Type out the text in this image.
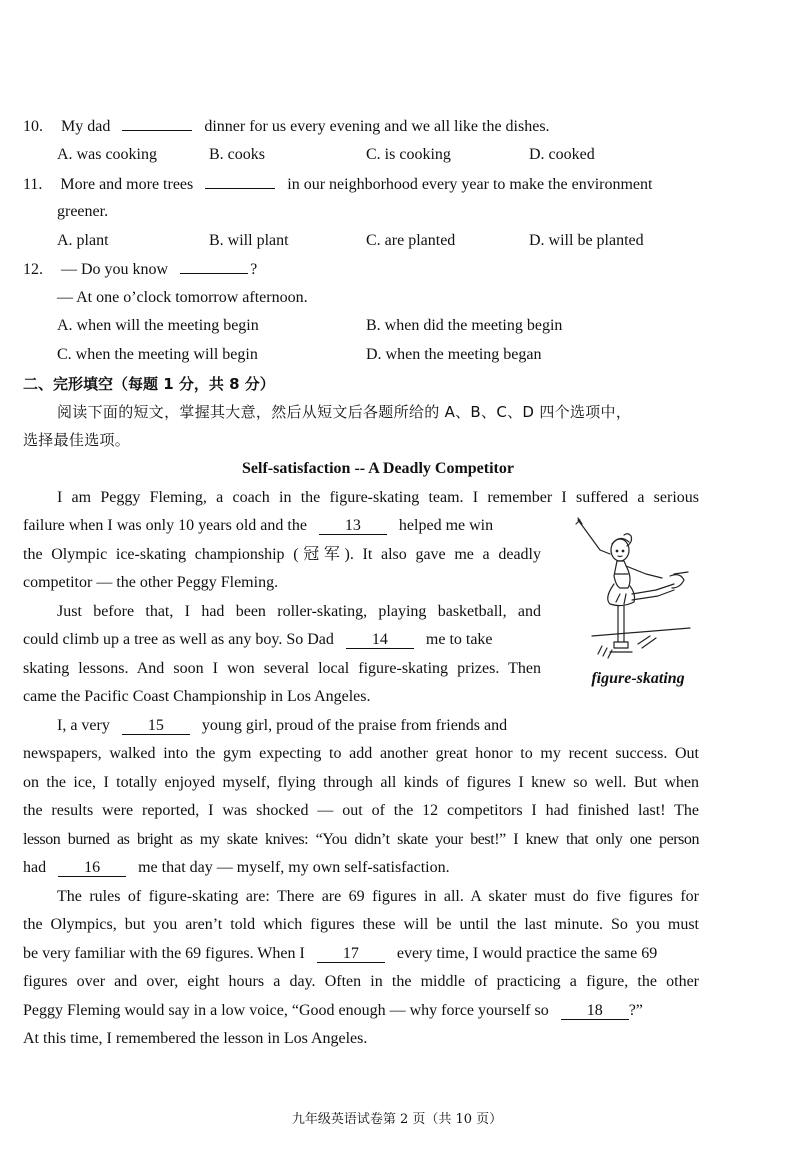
10. My dad	dinner for us every evening and we all like the dishes.
A. was cooking	B. cooks	C. is cooking	D. cooked
11. More and more trees	in our neighborhood every year to make the environment
greener.
A. plant	B. will plant	C. are planted	D. will be planted
12. — Do you know	?
— At one o’clock tomorrow afternoon.
A. when will the meeting begin	B. when did the meeting begin
C. when the meeting will begin	D. when the meeting began
二、完形填空（每题 1 分，共 8 分）
阅读下面的短文，掌握其大意，然后从短文后各题所给的 A、B、C、D 四个选项中，
选择最佳选项。
Self-satisfaction -- A Deadly Competitor
I am Peggy Fleming, a coach in the figure-skating team. I remember I suffered a serious
failure when I was only 10 years old and the 13 helped me win
the Olympic ice-skating championship (冠军). It also gave me a deadly
competitor — the other Peggy Fleming.
Just before that, I had been roller-skating, playing basketball, and
could climb up a tree as well as any boy. So Dad 14 me to take
skating lessons. And soon I won several local figure-skating prizes. Then
came the Pacific Coast Championship in Los Angeles.
figure-skating
I, a very 15 young girl, proud of the praise from friends and
newspapers, walked into the gym expecting to add another great honor to my recent success. Out
on the ice, I totally enjoyed myself, flying through all kinds of figures I knew so well. But when
the results were reported, I was shocked — out of the 12 competitors I had finished last! The
lesson burned as bright as my skate knives: “You didn’t skate your best!” I knew that only one person
had 16 me that day — myself, my own self-satisfaction.
The rules of figure-skating are: There are 69 figures in all. A skater must do five figures for
the Olympics, but you aren’t told which figures these will be until the last minute. So you must
be very familiar with the 69 figures. When I 17 every time, I would practice the same 69
figures over and over, eight hours a day. Often in the middle of practicing a figure, the other
Peggy Fleming would say in a low voice, “Good enough — why force yourself so 18 ?”
At this time, I remembered the lesson in Los Angeles.
九年级英语试卷第 2 页（共 10 页）
